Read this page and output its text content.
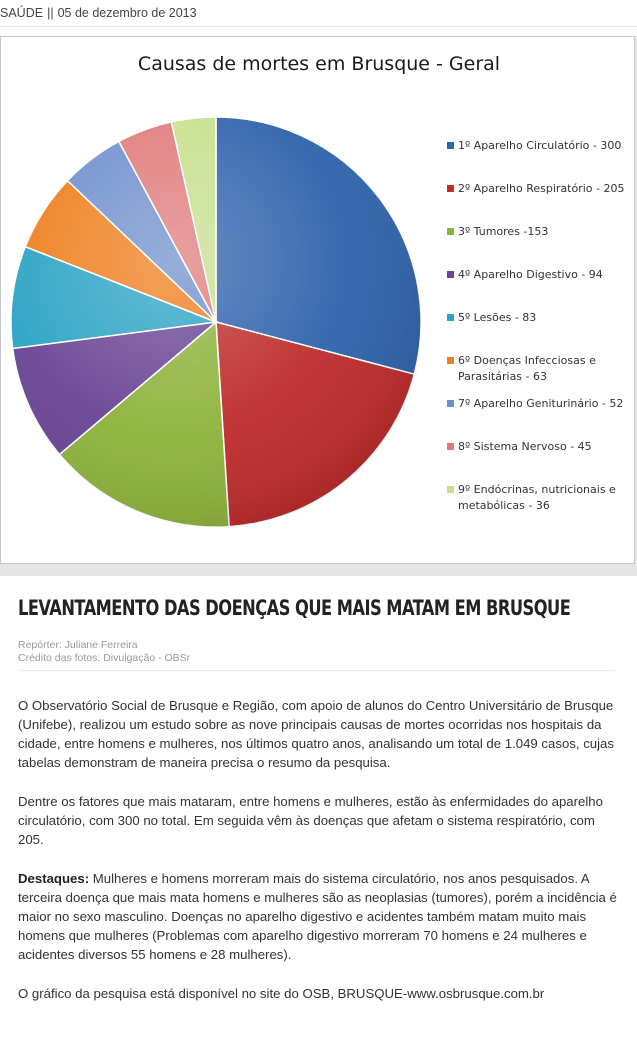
SAÚDE || 05 de dezembro de 2013
Causas de mortes em Brusque - Geral
1º Aparelho Circulatório - 300
2º Aparelho Respiratório - 205
3º Tumores -153
4º Aparelho Digestivo - 94
5º Lesões - 83
6º Doenças Infecciosas e
Parasitárias - 63
7º Aparelho Geniturinário - 52
8º Sistema Nervoso - 45
9º Endócrinas, nutricionais e
metabólicas - 36
LEVANTAMENTO DAS DOENÇAS QUE MAIS MATAM EM BRUSQUE
Repórter: Juliane Ferreira
Crédito das fotos: Divulgação - OBSr

O Observatório Social de Brusque e Região, com apoio de alunos do Centro Universitário de Brusque (Unifebe), realizou um estudo sobre as nove principais causas de mortes ocorridas nos hospitais da cidade, entre homens e mulheres, nos últimos quatro anos, analisando um total de 1.049 casos, cujas tabelas demonstram de maneira precisa o resumo da pesquisa.

Dentre os fatores que mais mataram, entre homens e mulheres, estão às enfermidades do aparelho circulatório, com 300 no total. Em seguida vêm às doenças que afetam o sistema respiratório, com 205.

Destaques: Mulheres e homens morreram mais do sistema circulatório, nos anos pesquisados. A terceira doença que mais mata homens e mulheres são as neoplasias (tumores), porém a incidência é maior no sexo masculino. Doenças no aparelho digestivo e acidentes também matam muito mais homens que mulheres (Problemas com aparelho digestivo morreram 70 homens e 24 mulheres e acidentes diversos 55 homens e 28 mulheres).

O gráfico da pesquisa está disponível no site do OSB, BRUSQUE-www.osbrusque.com.br
